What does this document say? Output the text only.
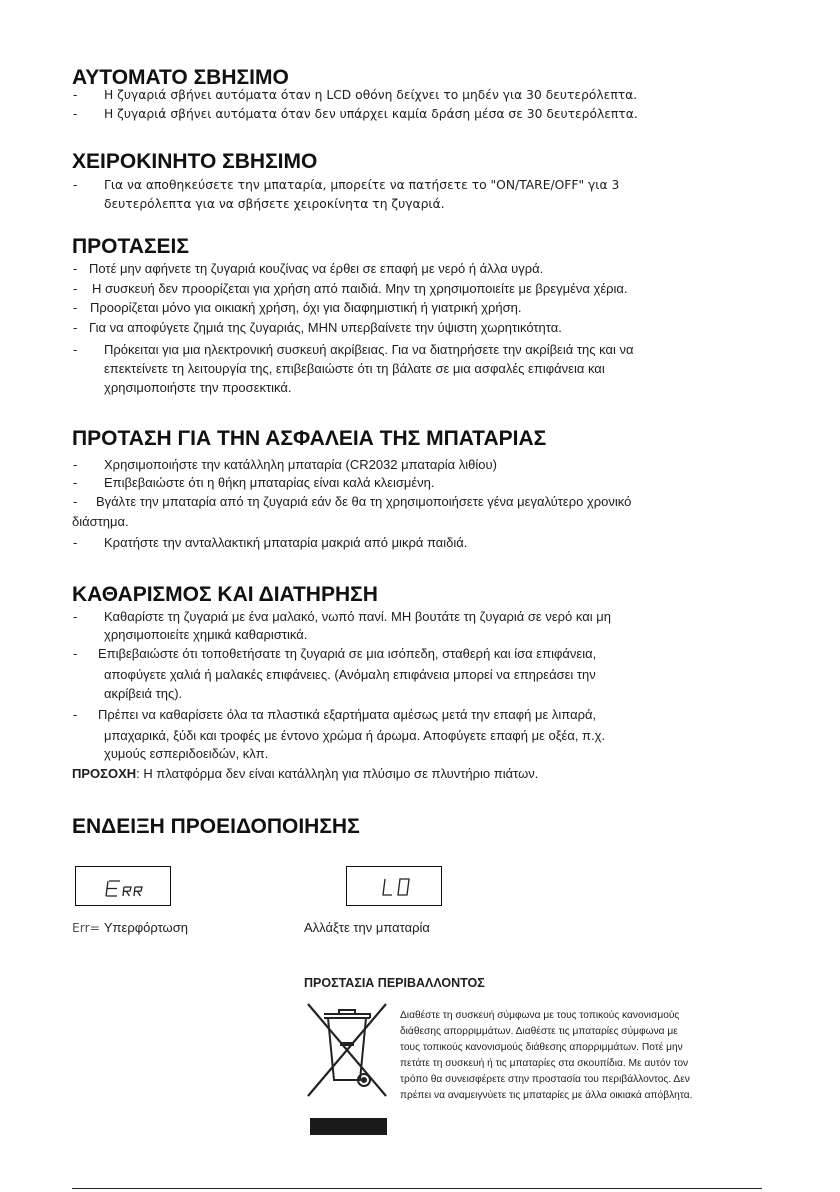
ΑΥΤΟΜΑΤΟ ΣΒΗΣΙΜΟ
- Η ζυγαριά σβήνει αυτόματα όταν η LCD οθόνη δείχνει το μηδέν για 30 δευτερόλεπτα.
- Η ζυγαριά σβήνει αυτόματα όταν δεν υπάρχει καμία δράση μέσα σε 30 δευτερόλεπτα.
ΧΕΙΡΟΚΙΝΗΤΟ ΣΒΗΣΙΜΟ
- Για να αποθηκεύσετε την μπαταρία, μπορείτε να πατήσετε το "ON/TARE/OFF" για 3
δευτερόλεπτα για να σβήσετε χειροκίνητα τη ζυγαριά.
ΠΡΟΤΑΣΕΙΣ
- Ποτέ μην αφήνετε τη ζυγαριά κουζίνας να έρθει σε επαφή με νερό ή άλλα υγρά.
- Η συσκευή δεν προορίζεται για χρήση από παιδιά. Μην τη χρησιμοποιείτε με βρεγμένα χέρια.
- Προορίζεται μόνο για οικιακή χρήση, όχι για διαφημιστική ή γιατρική χρήση.
- Για να αποφύγετε ζημιά της ζυγαριάς, ΜΗΝ υπερβαίνετε την ύψιστη χωρητικότητα.
- Πρόκειται για μια ηλεκτρονική συσκευή ακρίβειας. Για να διατηρήσετε την ακρίβειά της και να
επεκτείνετε τη λειτουργία της, επιβεβαιώστε ότι τη βάλατε σε μια ασφαλές επιφάνεια και
χρησιμοποιήστε την προσεκτικά.
ΠΡΟΤΑΣΗ ΓΙΑ ΤΗΝ ΑΣΦΑΛΕΙΑ ΤΗΣ ΜΠΑΤΑΡΙΑΣ
- Χρησιμοποιήστε την κατάλληλη μπαταρία (CR2032 μπαταρία λιθίου)
- Επιβεβαιώστε ότι η θήκη μπαταρίας είναι καλά κλεισμένη.
- Βγάλτε την μπαταρία από τη ζυγαριά εάν δε θα τη χρησιμοποιήσετε γένα μεγαλύτερο χρονικό
διάστημα.
- Κρατήστε την ανταλλακτική μπαταρία μακριά από μικρά παιδιά.
ΚΑΘΑΡΙΣΜΟΣ ΚΑΙ ΔΙΑΤΗΡΗΣΗ
- Καθαρίστε τη ζυγαριά με ένα μαλακό, νωπό πανί. ΜΗ βουτάτε τη ζυγαριά σε νερό και μη
χρησιμοποιείτε χημικά καθαριστικά.
- Επιβεβαιώστε ότι τοποθετήσατε τη ζυγαριά σε μια ισόπεδη, σταθερή και ίσα επιφάνεια,
αποφύγετε χαλιά ή μαλακές επιφάνειες. (Ανόμαλη επιφάνεια μπορεί να επηρεάσει την
ακρίβειά της).
- Πρέπει να καθαρίσετε όλα τα πλαστικά εξαρτήματα αμέσως μετά την επαφή με λιπαρά,
μπαχαρικά, ξύδι και τροφές με έντονο χρώμα ή άρωμα. Αποφύγετε επαφή με οξέα, π.χ.
χυμούς εσπεριδοειδών, κλπ.
ΠΡΟΣΟΧΗ: Η πλατφόρμα δεν είναι κατάλληλη για πλύσιμο σε πλυντήριο πιάτων.
ΕΝΔΕΙΞΗ ΠΡΟΕΙΔΟΠΟΙΗΣΗΣ
Err= Υπερφόρτωση	Αλλάξτε την μπαταρία
ΠΡΟΣΤΑΣΙΑ ΠΕΡΙΒΑΛΛΟΝΤΟΣ
Διαθέστε τη συσκευή σύμφωνα με τους τοπικούς κανονισμούς
διάθεσης απορριμμάτων. Διαθέστε τις μπαταρίες σύμφωνα με
τους τοπικούς κανονισμούς διάθεσης απορριμμάτων. Ποτέ μην
πετάτε τη συσκευή ή τις μπαταρίες στα σκουπίδια. Με αυτόν τον
τρόπο θα συνεισφέρετε στην προστασία του περιβάλλοντος. Δεν
πρέπει να αναμειγνύετε τις μπαταρίες με άλλα οικιακά απόβλητα.
